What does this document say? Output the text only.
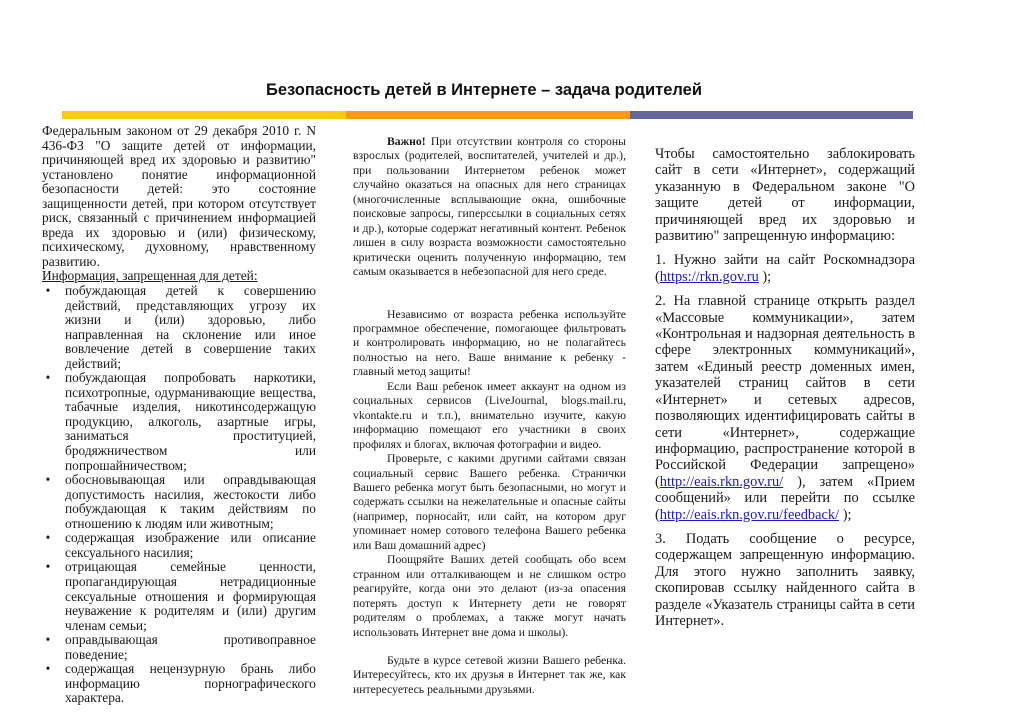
Безопасность детей в Интернете – задача родителей

Федеральным законом от 29 декабря 2010 г. N 436-ФЗ "О защите детей от информации, причиняющей вред их здоровью и развитию" установлено понятие информационной безопасности детей: это состояние защищенности детей, при котором отсутствует риск, связанный с причинением информацией вреда их здоровью и (или) физическому, психическому, духовному, нравственному развитию.

Информация, запрещенная для детей:

• побуждающая детей к совершению действий, представляющих угрозу их жизни и (или) здоровью, либо направленная на склонение или иное вовлечение детей в совершение таких действий;
• побуждающая попробовать наркотики, психотропные, одурманивающие вещества, табачные изделия, никотинсодержащую продукцию, алкоголь, азартные игры, заниматься проституцией, бродяжничеством или попрошайничеством;
• обосновывающая или оправдывающая допустимость насилия, жестокости либо побуждающая к таким действиям по отношению к людям или животным;
• содержащая изображение или описание сексуального насилия;
• отрицающая семейные ценности, пропагандирующая нетрадиционные сексуальные отношения и формирующая неуважение к родителям и (или) другим членам семьи;
• оправдывающая противоправное поведение;
• содержащая нецензурную брань либо информацию порнографического характера.

Важно! При отсутствии контроля со стороны взрослых (родителей, воспитателей, учителей и др.), при пользовании Интернетом ребенок может случайно оказаться на опасных для него страницах (многочисленные всплывающие окна, ошибочные поисковые запросы, гиперссылки в социальных сетях и др.), которые содержат негативный контент. Ребенок лишен в силу возраста возможности самостоятельно критически оценить полученную информацию, тем самым оказывается в небезопасной для него среде.

Независимо от возраста ребенка используйте программное обеспечение, помогающее фильтровать и контролировать информацию, но не полагайтесь полностью на него. Ваше внимание к ребенку - главный метод защиты!

Если Ваш ребенок имеет аккаунт на одном из социальных сервисов (LiveJournal, blogs.mail.ru, vkontakte.ru и т.п.), внимательно изучите, какую информацию помещают его участники в своих профилях и блогах, включая фотографии и видео.

Проверьте, с какими другими сайтами связан социальный сервис Вашего ребенка. Странички Вашего ребенка могут быть безопасными, но могут и содержать ссылки на нежелательные и опасные сайты (например, порносайт, или сайт, на котором друг упоминает номер сотового телефона Вашего ребенка или Ваш домашний адрес)

Поощряйте Ваших детей сообщать обо всем странном или отталкивающем и не слишком остро реагируйте, когда они это делают (из-за опасения потерять доступ к Интернету дети не говорят родителям о проблемах, а также могут начать использовать Интернет вне дома и школы).

Будьте в курсе сетевой жизни Вашего ребенка. Интересуйтесь, кто их друзья в Интернет так же, как интересуетесь реальными друзьями.

Чтобы самостоятельно заблокировать сайт в сети «Интернет», содержащий указанную в Федеральном законе "О защите детей от информации, причиняющей вред их здоровью и развитию" запрещенную информацию:

1. Нужно зайти на сайт Роскомнадзора (https://rkn.gov.ru );

2. На главной странице открыть раздел «Массовые коммуникации», затем «Контрольная и надзорная деятельность в сфере электронных коммуникаций», затем «Единый реестр доменных имен, указателей страниц сайтов в сети «Интернет» и сетевых адресов, позволяющих идентифицировать сайты в сети «Интернет», содержащие информацию, распространение которой в Российской Федерации запрещено» (http://eais.rkn.gov.ru/ ), затем «Прием сообщений» или перейти по ссылке (http://eais.rkn.gov.ru/feedback/ );

3. Подать сообщение о ресурсе, содержащем запрещенную информацию. Для этого нужно заполнить заявку, скопировав ссылку найденного сайта в разделе «Указатель страницы сайта в сети Интернет».
